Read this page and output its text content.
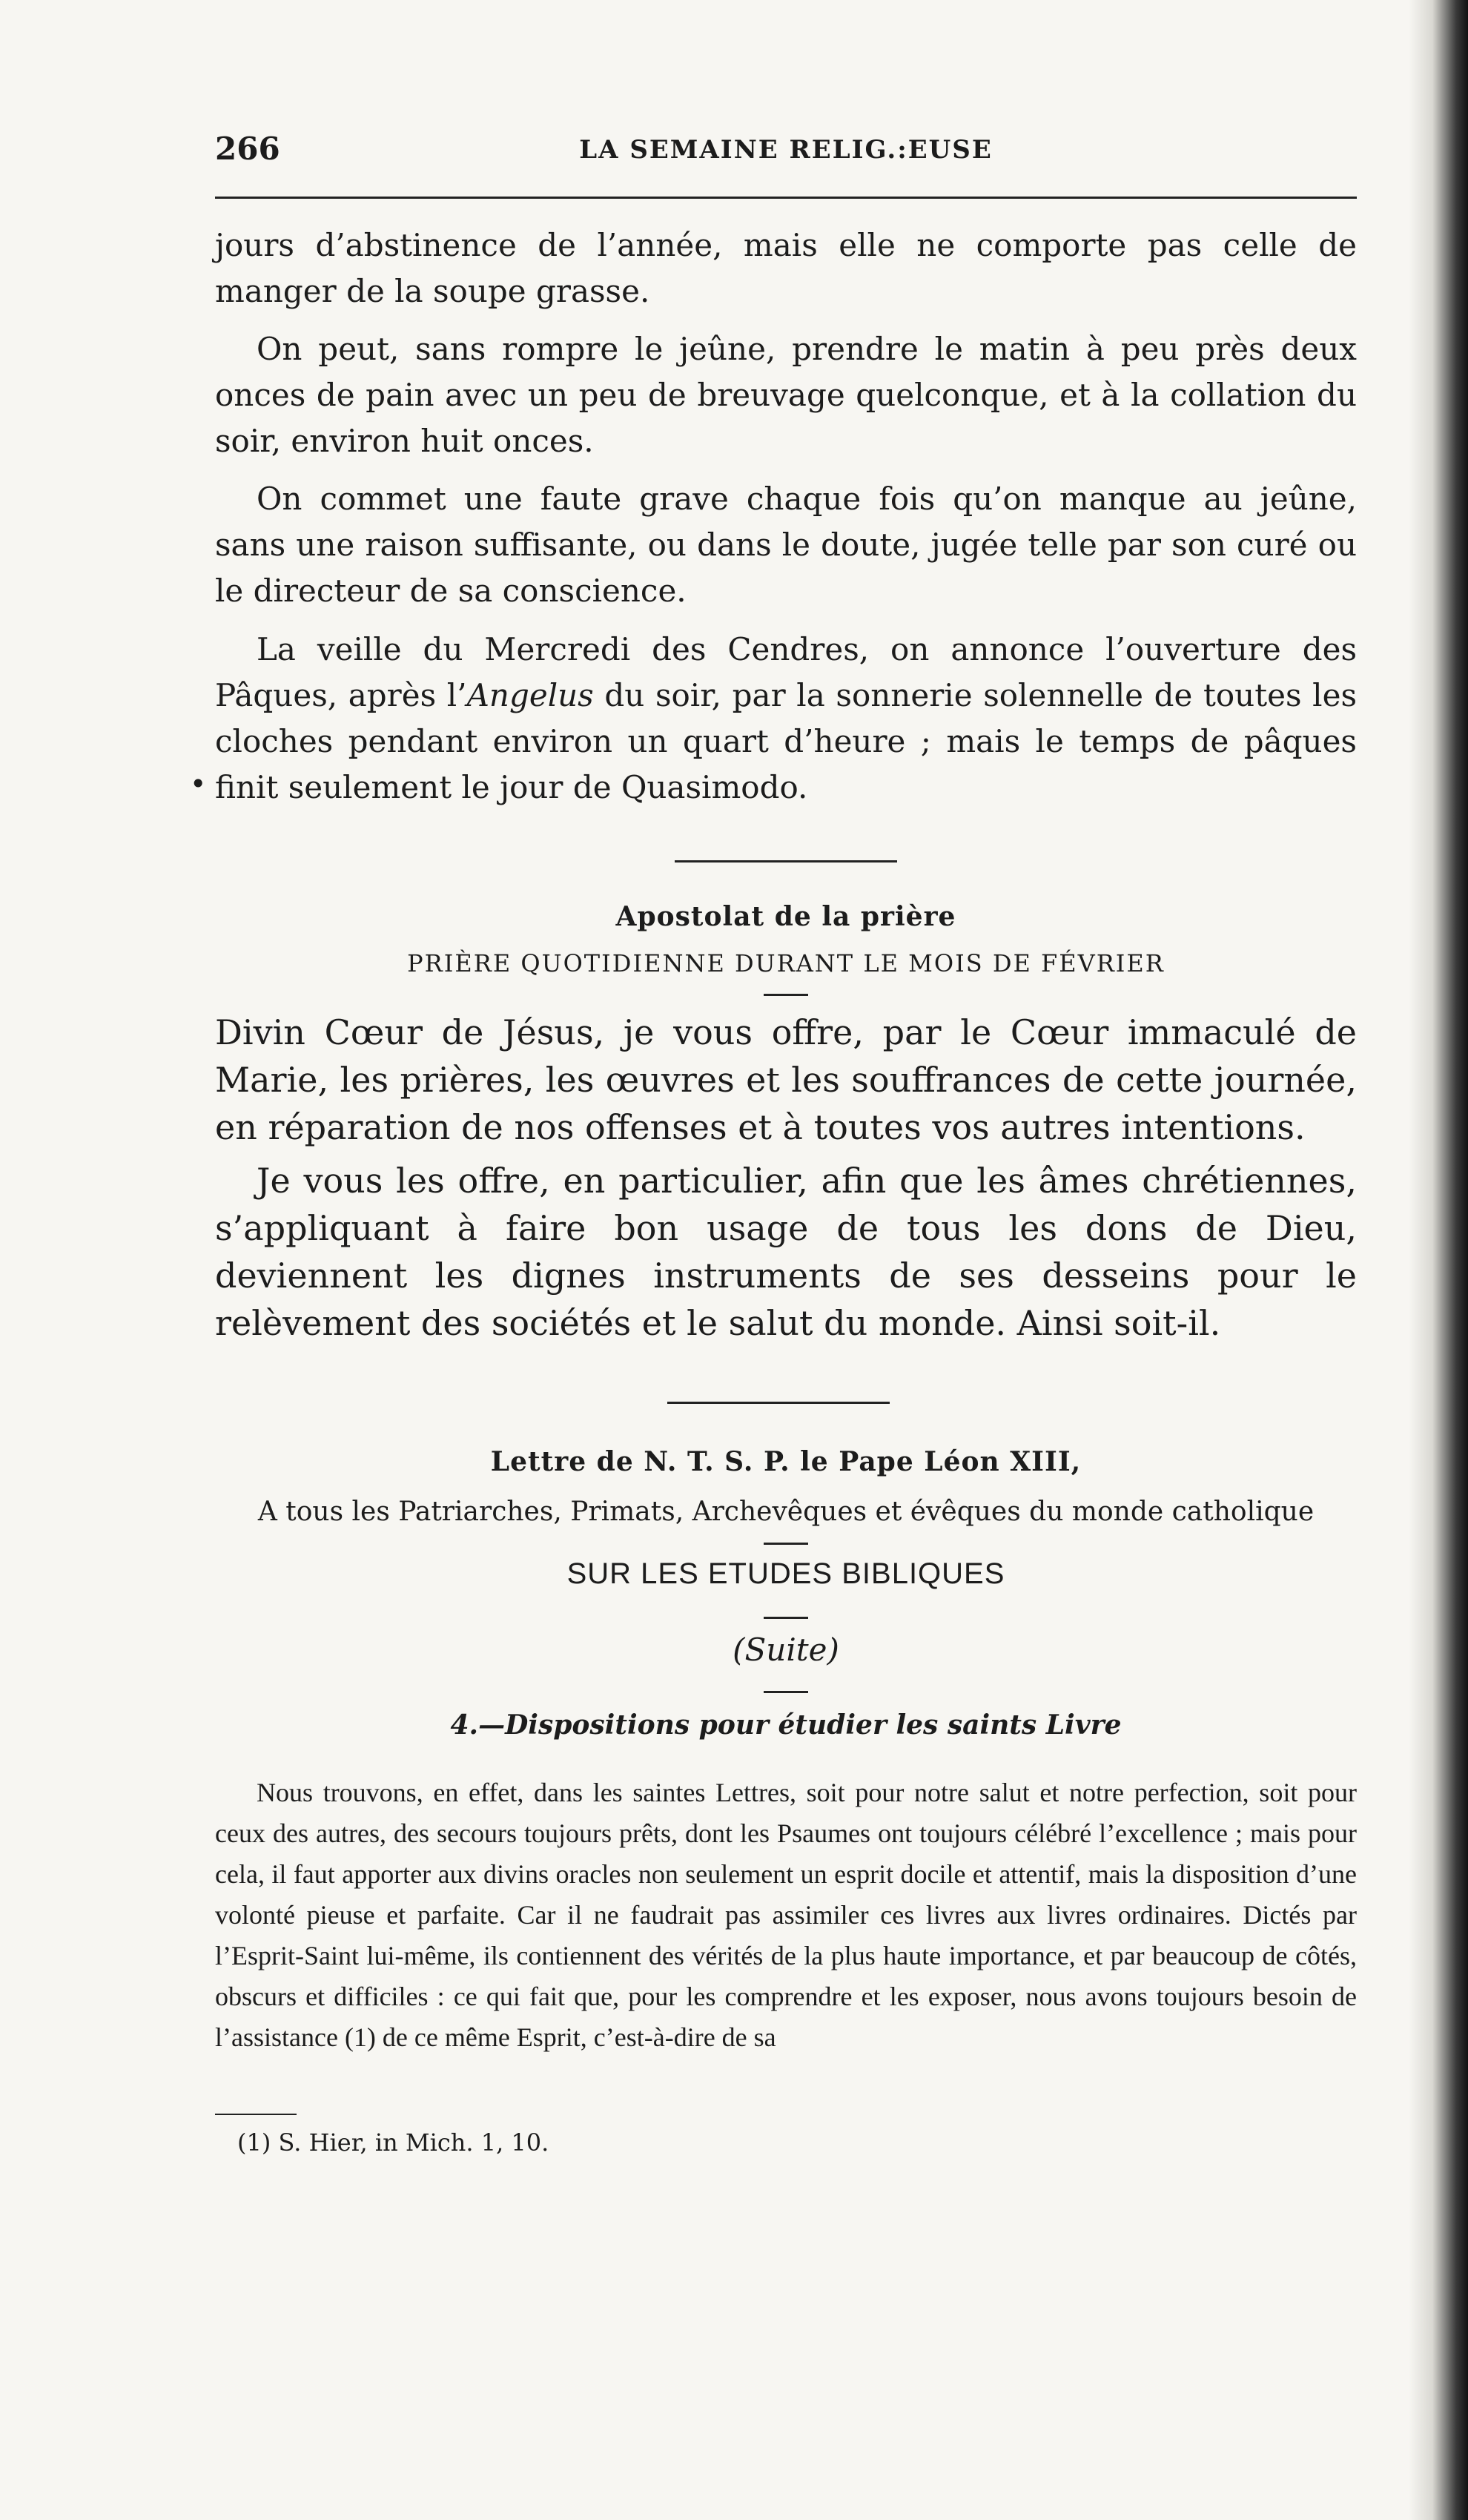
266	LA SEMAINE RELIG.:EUSE

jours d’abstinence de l’année, mais elle ne comporte pas celle de manger de la soupe grasse.

On peut, sans rompre le jeûne, prendre le matin à peu près deux onces de pain avec un peu de breuvage quelconque, et à la collation du soir, environ huit onces.

On commet une faute grave chaque fois qu’on manque au jeûne, sans une raison suffisante, ou dans le doute, jugée telle par son curé ou le directeur de sa conscience.

La veille du Mercredi des Cendres, on annonce l’ouverture des Pâques, après l’Angelus du soir, par la sonnerie solennelle de toutes les cloches pendant environ un quart d’heure ; mais le temps de pâques finit seulement le jour de Quasimodo.

•

Apostolat de la prière

PRIÈRE QUOTIDIENNE DURANT LE MOIS DE FÉVRIER

Divin Cœur de Jésus, je vous offre, par le Cœur immaculé de Marie, les prières, les œuvres et les souffrances de cette journée, en réparation de nos offenses et à toutes vos autres intentions.

Je vous les offre, en particulier, afin que les âmes chrétiennes, s’appliquant à faire bon usage de tous les dons de Dieu, deviennent les dignes instruments de ses desseins pour le relèvement des sociétés et le salut du monde. Ainsi soit-il.

Lettre de N. T. S. P. le Pape Léon XIII,

A tous les Patriarches, Primats, Archevêques et évêques du monde catholique

SUR LES ETUDES BIBLIQUES

(Suite)

4.—Dispositions pour étudier les saints Livre

Nous trouvons, en effet, dans les saintes Lettres, soit pour notre salut et notre perfection, soit pour ceux des autres, des secours toujours prêts, dont les Psaumes ont toujours célébré l’excellence ; mais pour cela, il faut apporter aux divins oracles non seulement un esprit docile et attentif, mais la disposition d’une volonté pieuse et parfaite. Car il ne faudrait pas assimiler ces livres aux livres ordinaires. Dictés par l’Esprit-Saint lui-même, ils contiennent des vérités de la plus haute importance, et par beaucoup de côtés, obscurs et difficiles : ce qui fait que, pour les comprendre et les exposer, nous avons toujours besoin de l’assistance (1) de ce même Esprit, c’est-à-dire de sa

(1) S. Hier, in Mich. 1, 10.
